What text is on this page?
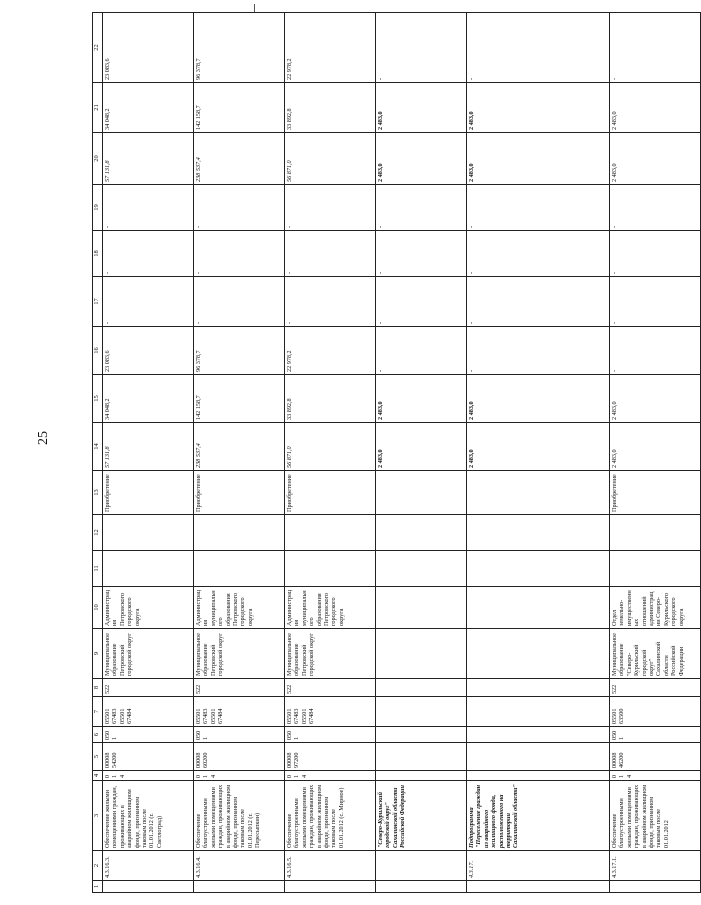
25
1	2	3	4	5	6	7	8	9	10	11	12	13	14	15	16	17	18	19	20	21	22
	4.3.16.3.	Обеспечение жилыми помещениями граждан, проживающих в аварийном жилищном фонде, признанном таковым после 01.01.2012 (г. Светлоград)	0 1 4	00008 54200	050 1	05501 67483 05501 67484	522	Муниципальное образование Петровский городской округ	Администрация Петровского городского округа			Приобретение	57 131,8	34 048,2	23 083,6	-	-	-	57 131,8	34 048,2	23 083,6
	4.3.16.4.	Обеспечение благоустроенными жилыми помещениями граждан, проживающих в аварийном жилищном фонде, признанном таковым после 01.01.2012 (г. Пересыпкин)	0 1 4	00008 60200	050 1	05501 67483 05501 67484	522	Муниципальное образование Петровский городской округ	Администрация муниципального образования Петровского городского округа			Приобретение	238 537,4	142 158,7	96 378,7	-	-	-	238 537,4	142 158,7	96 378,7
	4.3.16.5.	Обеспечение благоустроенными жилыми помещениями граждан, проживающих в аварийном жилищном фонде, признанном таковым после 01.01.2012 (с. Мирное)	0 1 4	00008 97200	050 1	05501 67483 05501 67484	522	Муниципальное образование Петровский городской округ	Администрация муниципального образования Петровского городского округа			Приобретение	56 871,0	33 892,8	22 978,2	-	-	-	56 871,0	33 892,8	22 978,2
		"Северо-Курильский городской округ" Сахалинской области Российской Федерации											2 483,0	2 483,0	-	-	-	-	2 483,0	2 483,0	-
	4.3.17.	Подпрограмма "Переселение граждан из аварийного жилищного фонда, расположенного на территории Сахалинской области"											2 483,0	2 483,0	-	-	-	-	2 483,0	2 483,0	-
	4.3.17.1.	Обеспечение благоустроенными жилыми помещениями граждан, проживающих в аварийном жилищном фонде, признанном таковым после 01.01.2012	0 1 4	00008 46200	050 1	05501 63500	522	Муниципальное образование "Северо-Курильский городской округ" Сахалинской области Российской Федерации	Отдел земельно-имущественных отношений администрации Северо-Курильского городского округа			Приобретение	2 483,0	2 483,0	-	-	-	-	2 483,0	2 483,0	-
